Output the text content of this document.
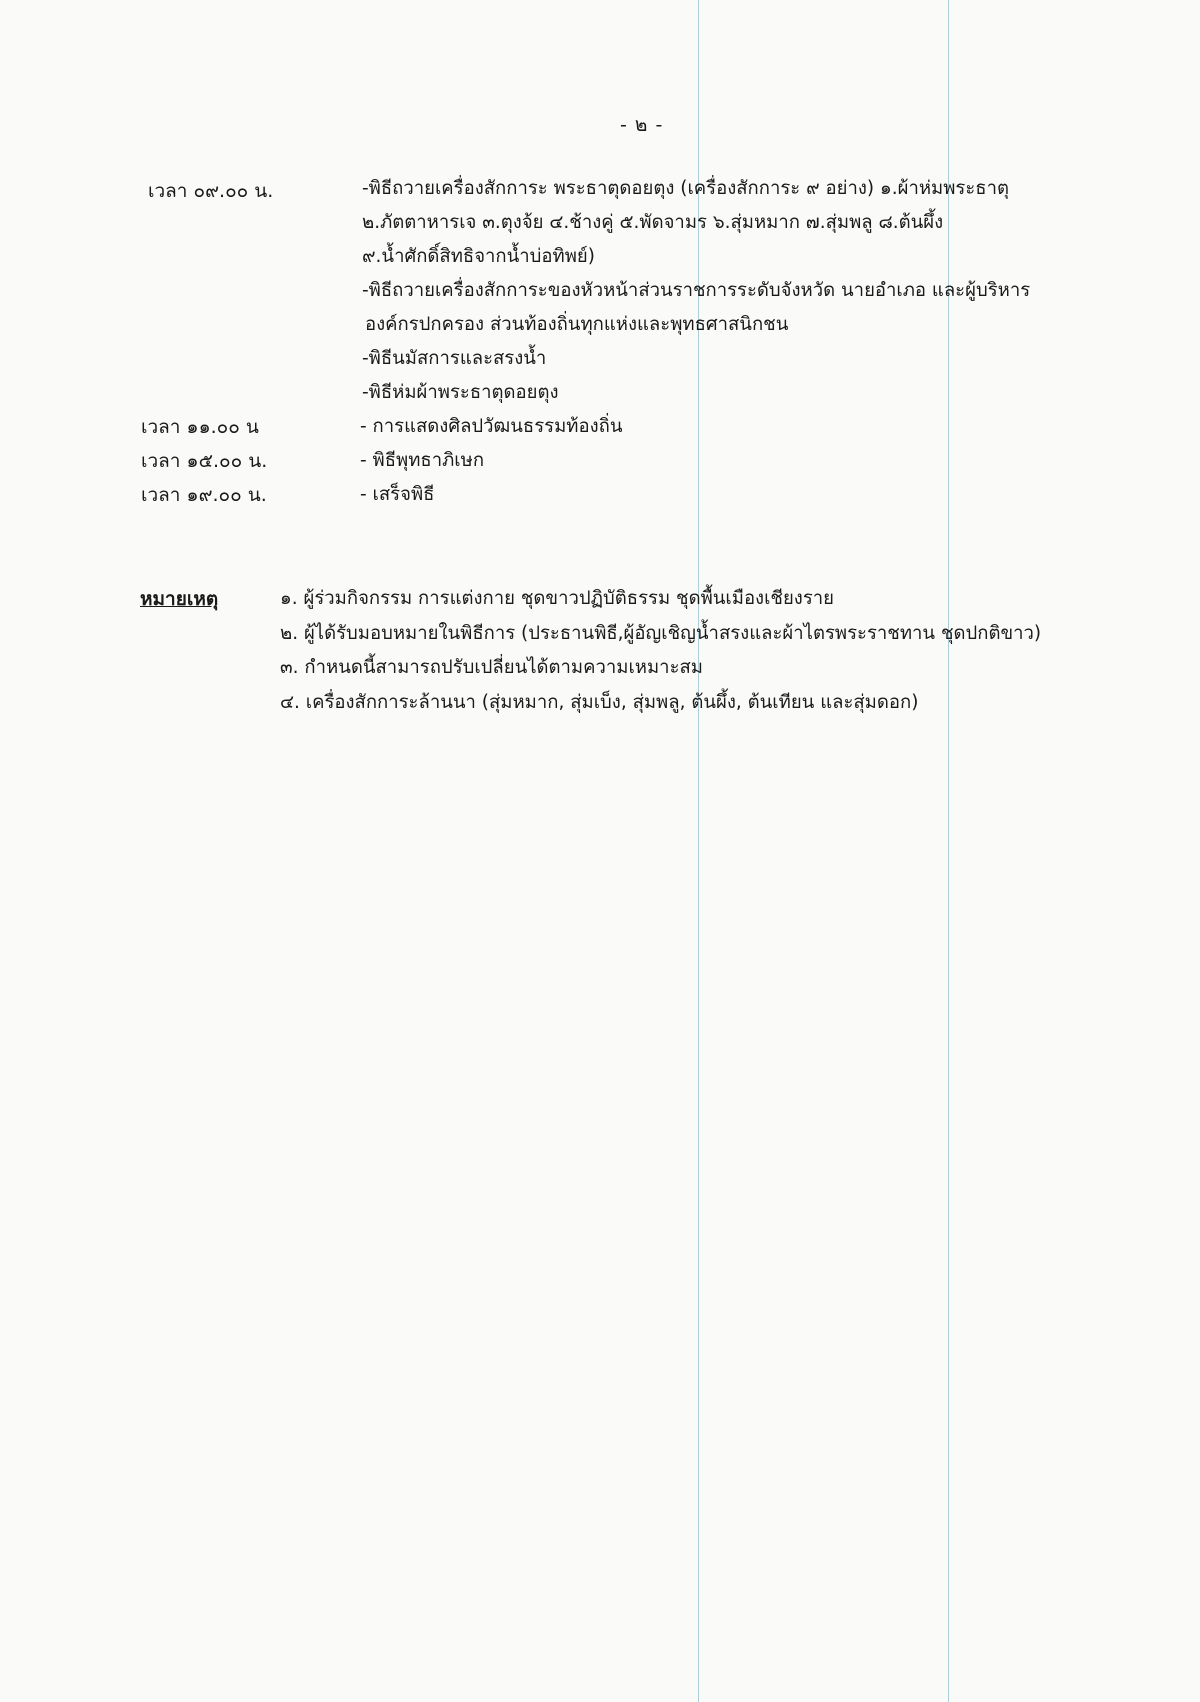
- ๒ -
เวลา ๐๙.๐๐ น.	-พิธีถวายเครื่องสักการะ พระธาตุดอยตุง (เครื่องสักการะ ๙ อย่าง) ๑.ผ้าห่มพระธาตุ
๒.ภัตตาหารเจ ๓.ตุงจ้ย ๔.ช้างคู่ ๕.พัดจามร ๖.สุ่มหมาก ๗.สุ่มพลู ๘.ต้นผึ้ง
๙.น้ำศักดิ์สิทธิจากน้ำบ่อทิพย์)
-พิธีถวายเครื่องสักการะของหัวหน้าส่วนราชการระดับจังหวัด นายอำเภอ และผู้บริหาร
องค์กรปกครอง ส่วนท้องถิ่นทุกแห่งและพุทธศาสนิกชน
-พิธีนมัสการและสรงน้ำ
-พิธีห่มผ้าพระธาตุดอยตุง
เวลา ๑๑.๐๐ น	- การแสดงศิลปวัฒนธรรมท้องถิ่น
เวลา ๑๕.๐๐ น.	- พิธีพุทธาภิเษก
เวลา ๑๙.๐๐ น.	- เสร็จพิธี
หมายเหตุ	๑. ผู้ร่วมกิจกรรม การแต่งกาย ชุดขาวปฏิบัติธรรม ชุดพื้นเมืองเชียงราย
๒. ผู้ได้รับมอบหมายในพิธีการ (ประธานพิธี,ผู้อัญเชิญน้ำสรงและผ้าไตรพระราชทาน ชุดปกติขาว)
๓. กำหนดนี้สามารถปรับเปลี่ยนได้ตามความเหมาะสม
๔. เครื่องสักการะล้านนา (สุ่มหมาก, สุ่มเบ็ง, สุ่มพลู, ต้นผึ้ง, ต้นเทียน และสุ่มดอก)
